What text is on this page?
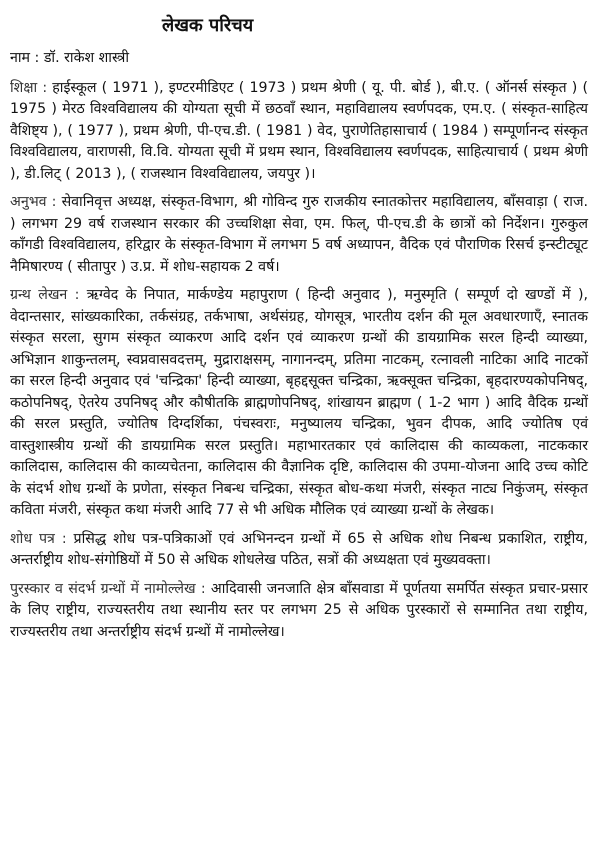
लेखक परिचय

नाम : डॉ. राकेश शास्त्री

शिक्षा : हाईस्कूल ( 1971 ), इण्टरमीडिएट ( 1973 ) प्रथम श्रेणी ( यू. पी. बोर्ड ), बी.ए. ( ऑनर्स संस्कृत ) ( 1975 ) मेरठ विश्वविद्यालय की योग्यता सूची में छठवाँ स्थान, महाविद्यालय स्वर्णपदक, एम.ए. ( संस्कृत-साहित्य वैशिष्ट्य ), ( 1977 ), प्रथम श्रेणी, पी-एच.डी. ( 1981 ) वेद, पुराणेतिहासाचार्य ( 1984 ) सम्पूर्णानन्द संस्कृत विश्वविद्यालय, वाराणसी, वि.वि. योग्यता सूची में प्रथम स्थान, विश्वविद्यालय स्वर्णपदक, साहित्याचार्य ( प्रथम श्रेणी ), डी.लिट् ( 2013 ), ( राजस्थान विश्वविद्यालय, जयपुर )।

अनुभव : सेवानिवृत्त अध्यक्ष, संस्कृत-विभाग, श्री गोविन्द गुरु राजकीय स्नातकोत्तर महाविद्यालय, बाँसवाड़ा ( राज. ) लगभग 29 वर्ष राजस्थान सरकार की उच्चशिक्षा सेवा, एम. फिल्, पी-एच.डी के छात्रों को निर्देशन। गुरुकुल काँगडी विश्वविद्यालय, हरिद्वार के संस्कृत-विभाग में लगभग 5 वर्ष अध्यापन, वैदिक एवं पौराणिक रिसर्च इन्स्टीट्यूट नैमिषारण्य ( सीतापुर ) उ.प्र. में शोध-सहायक 2 वर्ष।

ग्रन्थ लेखन : ऋग्वेद के निपात, मार्कण्डेय महापुराण ( हिन्दी अनुवाद ), मनुस्मृति ( सम्पूर्ण दो खण्डों में ), वेदान्तसार, सांख्यकारिका, तर्कसंग्रह, तर्कभाषा, अर्थसंग्रह, योगसूत्र, भारतीय दर्शन की मूल अवधारणाएँ, स्नातक संस्कृत सरला, सुगम संस्कृत व्याकरण आदि दर्शन एवं व्याकरण ग्रन्थों की डायग्रामिक सरल हिन्दी व्याख्या, अभिज्ञान शाकुन्तलम्, स्वप्नवासवदत्तम्, मुद्राराक्षसम्, नागानन्दम्, प्रतिमा नाटकम्, रत्नावली नाटिका आदि नाटकों का सरल हिन्दी अनुवाद एवं 'चन्द्रिका' हिन्दी व्याख्या, बृहद्दसूक्त चन्द्रिका, ऋक्सूक्त चन्द्रिका, बृहदारण्यकोपनिषद्, कठोपनिषद्, ऐतरेय उपनिषद् और कौषीतकि ब्राह्मणोपनिषद्, शांखायन ब्राह्मण ( 1-2 भाग ) आदि वैदिक ग्रन्थों की सरल प्रस्तुति, ज्योतिष दिग्दर्शिका, पंचस्वराः, मनुष्यालय चन्द्रिका, भुवन दीपक, आदि ज्योतिष एवं वास्तुशास्त्रीय ग्रन्थों की डायग्रामिक सरल प्रस्तुति। महाभारतकार एवं कालिदास की काव्यकला, नाटककार कालिदास, कालिदास की काव्यचेतना, कालिदास की वैज्ञानिक दृष्टि, कालिदास की उपमा-योजना आदि उच्च कोटि के संदर्भ शोध ग्रन्थों के प्रणेता, संस्कृत निबन्ध चन्द्रिका, संस्कृत बोध-कथा मंजरी, संस्कृत नाट्य निकुंजम्, संस्कृत कविता मंजरी, संस्कृत कथा मंजरी आदि 77 से भी अधिक मौलिक एवं व्याख्या ग्रन्थों के लेखक।

शोध पत्र : प्रसिद्ध शोध पत्र-पत्रिकाओं एवं अभिनन्दन ग्रन्थों में 65 से अधिक शोध निबन्ध प्रकाशित, राष्ट्रीय, अन्तर्राष्ट्रीय शोध-संगोष्ठियों में 50 से अधिक शोधलेख पठित, सत्रों की अध्यक्षता एवं मुख्यवक्ता।

पुरस्कार व संदर्भ ग्रन्थों में नामोल्लेख : आदिवासी जनजाति क्षेत्र बाँसवाडा में पूर्णतया समर्पित संस्कृत प्रचार-प्रसार के लिए राष्ट्रीय, राज्यस्तरीय तथा स्थानीय स्तर पर लगभग 25 से अधिक पुरस्कारों से सम्मानित तथा राष्ट्रीय, राज्यस्तरीय तथा अन्तर्राष्ट्रीय संदर्भ ग्रन्थों में नामोल्लेख।
